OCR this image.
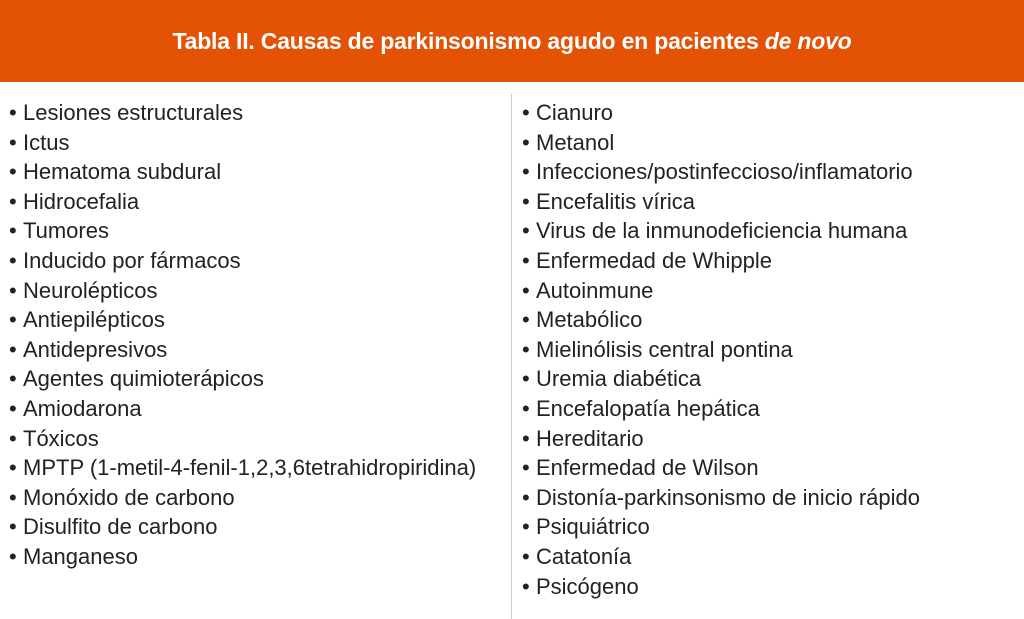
Tabla II. Causas de parkinsonismo agudo en pacientes de novo
• Lesiones estructurales
• Ictus
• Hematoma subdural
• Hidrocefalia
• Tumores
• Inducido por fármacos
• Neurolépticos
• Antiepilépticos
• Antidepresivos
• Agentes quimioterápicos
• Amiodarona
• Tóxicos
• MPTP (1-metil-4-fenil-1,2,3,6tetrahidropiridina)
• Monóxido de carbono
• Disulfito de carbono
• Manganeso
• Cianuro
• Metanol
• Infecciones/postinfeccioso/inflamatorio
• Encefalitis vírica
• Virus de la inmunodeficiencia humana
• Enfermedad de Whipple
• Autoinmune
• Metabólico
• Mielinólisis central pontina
• Uremia diabética
• Encefalopatía hepática
• Hereditario
• Enfermedad de Wilson
• Distonía-parkinsonismo de inicio rápido
• Psiquiátrico
• Catatonía
• Psicógeno
